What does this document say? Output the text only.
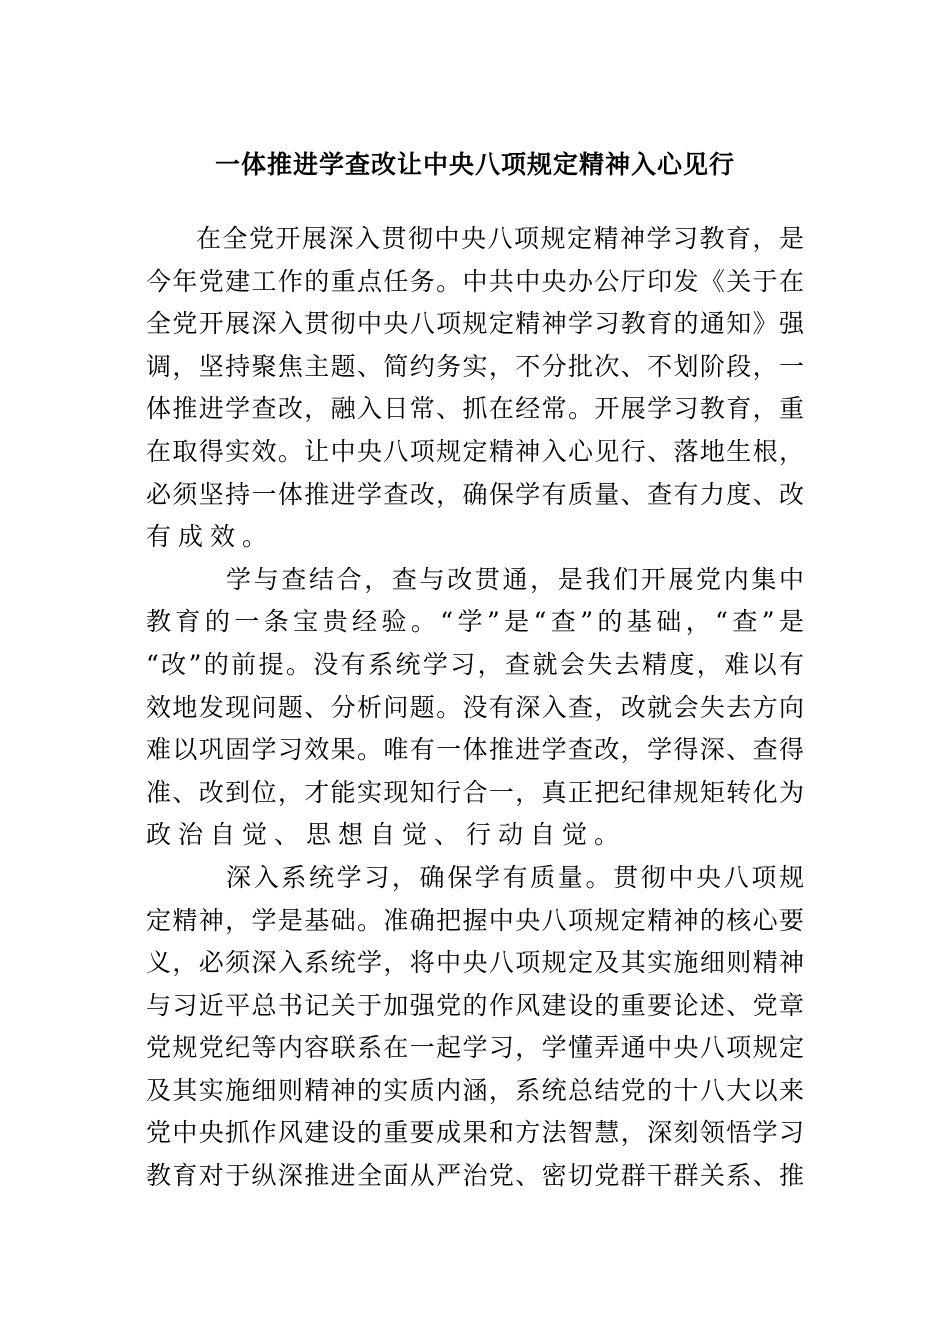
一体推进学查改让中央八项规定精神入心见行
在全党开展深入贯彻中央八项规定精神学习教育，是
今年党建工作的重点任务。中共中央办公厅印发《关于在
全党开展深入贯彻中央八项规定精神学习教育的通知》强
调，坚持聚焦主题、简约务实，不分批次、不划阶段，一
体推进学查改，融入日常、抓在经常。开展学习教育，重
在取得实效。让中央八项规定精神入心见行、落地生根，
必须坚持一体推进学查改，确保学有质量、查有力度、改
有成效。
学与查结合，查与改贯通，是我们开展党内集中
教育的一条宝贵经验。“学”是“查”的基础，“查”是
“改”的前提。没有系统学习，查就会失去精度，难以有
效地发现问题、分析问题。没有深入查，改就会失去方向
难以巩固学习效果。唯有一体推进学查改，学得深、查得
准、改到位，才能实现知行合一，真正把纪律规矩转化为
政治自觉、思想自觉、行动自觉。
深入系统学习，确保学有质量。贯彻中央八项规
定精神，学是基础。准确把握中央八项规定精神的核心要
义，必须深入系统学，将中央八项规定及其实施细则精神
与习近平总书记关于加强党的作风建设的重要论述、党章
党规党纪等内容联系在一起学习，学懂弄通中央八项规定
及其实施细则精神的实质内涵，系统总结党的十八大以来
党中央抓作风建设的重要成果和方法智慧，深刻领悟学习
教育对于纵深推进全面从严治党、密切党群干群关系、推
